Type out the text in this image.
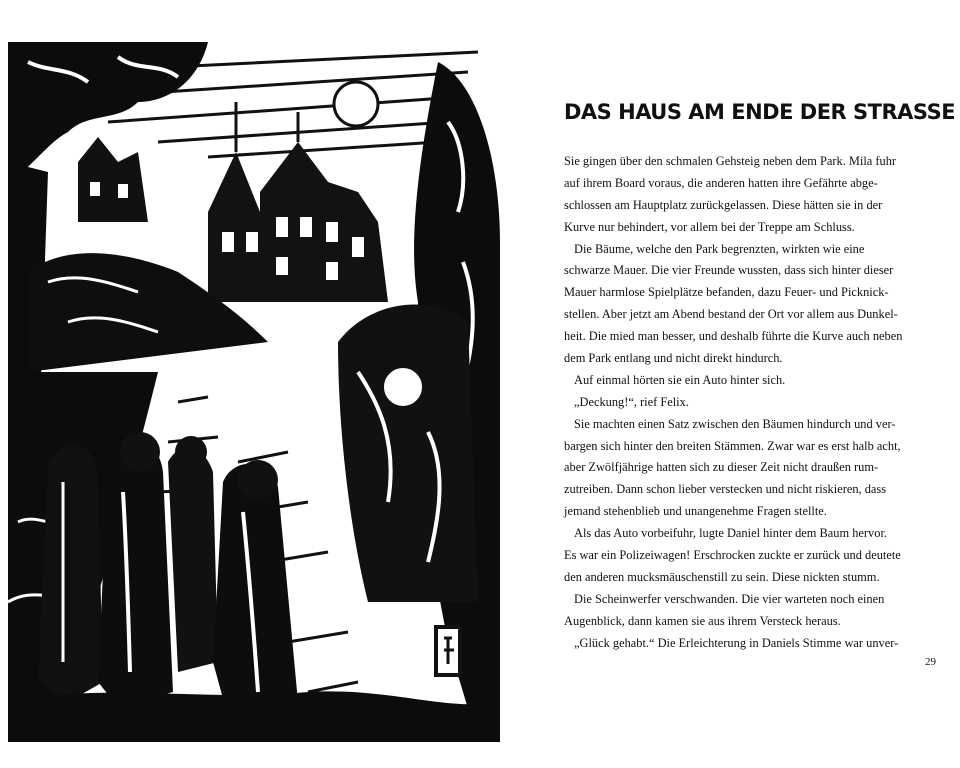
DAS HAUS AM ENDE DER STRASSE
Sie gingen über den schmalen Gehsteig neben dem Park. Mila fuhr
auf ihrem Board voraus, die anderen hatten ihre Gefährte abge-
schlossen am Hauptplatz zurückgelassen. Diese hätten sie in der
Kurve nur behindert, vor allem bei der Treppe am Schluss.
Die Bäume, welche den Park begrenzten, wirkten wie eine
schwarze Mauer. Die vier Freunde wussten, dass sich hinter dieser
Mauer harmlose Spielplätze befanden, dazu Feuer- und Picknick-
stellen. Aber jetzt am Abend bestand der Ort vor allem aus Dunkel-
heit. Die mied man besser, und deshalb führte die Kurve auch neben
dem Park entlang und nicht direkt hindurch.
Auf einmal hörten sie ein Auto hinter sich.
„Deckung!“, rief Felix.
Sie machten einen Satz zwischen den Bäumen hindurch und ver-
bargen sich hinter den breiten Stämmen. Zwar war es erst halb acht,
aber Zwölfjährige hatten sich zu dieser Zeit nicht draußen rum-
zutreiben. Dann schon lieber verstecken und nicht riskieren, dass
jemand stehenblieb und unangenehme Fragen stellte.
Als das Auto vorbeifuhr, lugte Daniel hinter dem Baum hervor.
Es war ein Polizeiwagen! Erschrocken zuckte er zurück und deutete
den anderen mucksmäuschenstill zu sein. Diese nickten stumm.
Die Scheinwerfer verschwanden. Die vier warteten noch einen
Augenblick, dann kamen sie aus ihrem Versteck heraus.
„Glück gehabt.“ Die Erleichterung in Daniels Stimme war unver-
29
